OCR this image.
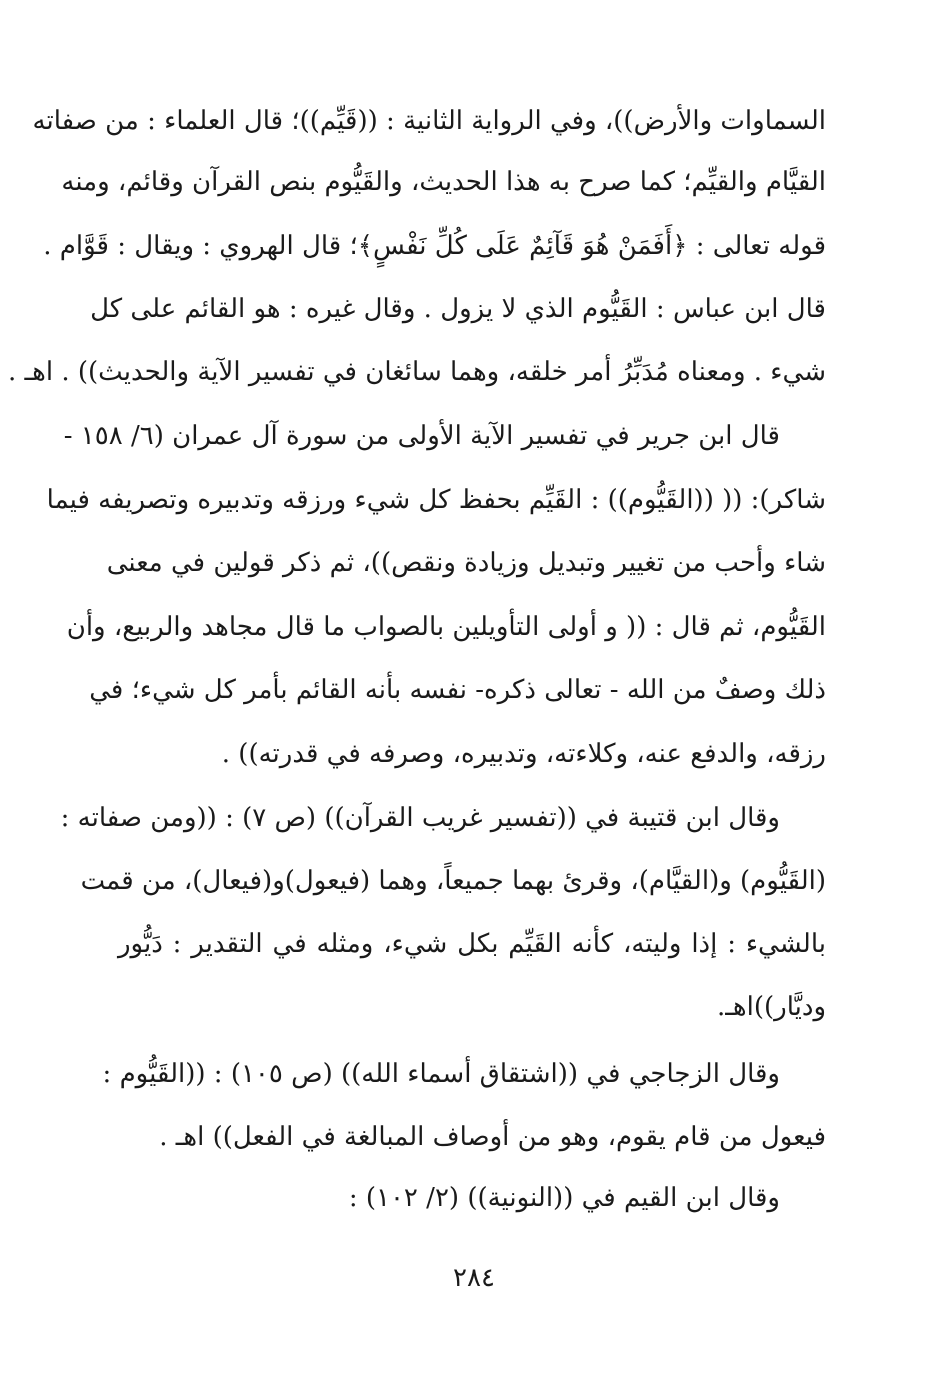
السماوات والأرض))، وفي الرواية الثانية : ((قَيِّم))؛ قال العلماء : من صفاته
القيَّام والقيِّم؛ كما صرح به هذا الحديث، والقَيُّوم بنص القرآن وقائم، ومنه
قوله تعالى : ﴿أَفَمَنْ هُوَ قَآئِمٌ عَلَى كُلِّ نَفْسٍ﴾؛ قال الهروي : ويقال : قَوَّام .
قال ابن عباس : القَيُّوم الذي لا يزول . وقال غيره : هو القائم على كل
شيء . ومعناه مُدَبِّرُ أمر خلقه، وهما سائغان في تفسير الآية والحديث)) . اهـ .
قال ابن جرير في تفسير الآية الأولى من سورة آل عمران (٦/ ١٥٨ -
شاكر): (( ((القَيُّوم)) : القَيِّم بحفظ كل شيء ورزقه وتدبيره وتصريفه فيما
شاء وأحب من تغيير وتبديل وزيادة ونقص))، ثم ذكر قولين في معنى
القَيُّوم، ثم قال : (( و أولى التأويلين بالصواب ما قال مجاهد والربيع، وأن
ذلك وصفٌ من الله - تعالى ذكره- نفسه بأنه القائم بأمر كل شيء؛ في
رزقه، والدفع عنه، وكلاءته، وتدبيره، وصرفه في قدرته)) .
وقال ابن قتيبة في ((تفسير غريب القرآن)) (ص ٧) : ((ومن صفاته :
(القَيُّوم) و(القيَّام)، وقرئ بهما جميعاً، وهما (فيعول)و(فيعال)، من قمت
بالشيء : إذا وليته، كأنه القَيِّم بكل شيء، ومثله في التقدير : دَيُّور
وديَّار))اهـ.
وقال الزجاجي في ((اشتقاق أسماء الله)) (ص ١٠٥) : ((القَيُّوم :
فيعول من قام يقوم، وهو من أوصاف المبالغة في الفعل)) اهـ .
وقال ابن القيم في ((النونية)) (٢/ ١٠٢) :
٢٨٤
